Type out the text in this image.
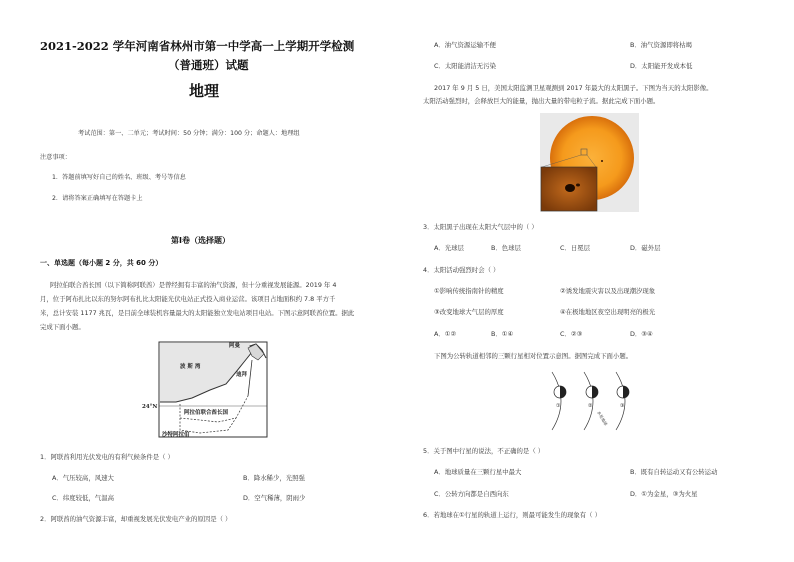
2021-2022 学年河南省林州市第一中学高一上学期开学检测
（普通班）试题
地理
考试范围：第一、二单元；考试时间：50 分钟；满分：100 分；命题人：地理组
注意事项：
1．答题前填写好自己的姓名、班级、考号等信息
2．请将答案正确填写在答题卡上
第Ⅰ卷（选择题）
一、单选题（每小题 2 分，共 60 分）
阿拉伯联合酋长国（以下简称阿联酋）是曾经拥有丰富的油气资源，但十分重视发展能源。2019 年 4
月，位于阿布扎比以东的努尔阿布扎比太阳能光伏电站正式投入商业运营。该项目占地面积约 7.8 平方千
米，总计安装 1177 兆瓦，是目前全球装机容量最大的太阳能独立发电站项目电站。下图示意阿联酋位置。据此
完成下面小题。
波 斯 湾
阿曼
迪拜
阿拉伯联合酋长国
沙特阿拉伯
24°N
1．阿联酋利用光伏发电的有利气候条件是（ ）
A．气压较高，风速大	B．降水稀少，光照强
C．纬度较低，气温高	D．空气稀薄，阴雨少
2．阿联酋的油气资源丰富，却重视发展光伏发电产业的原因是（ ）
A．油气资源运输不便	B．油气资源即将枯竭
C．太阳能清洁无污染	D．太阳能开发成本低
2017 年 9 月 5 日，美国太阳监测卫星观测到 2017 年最大的太阳黑子。下图为当天的太阳影像。
太阳活动强烈时，会释放巨大的能量，抛出大量的带电粒子流。据此完成下面小题。
3．太阳黑子出现在太阳大气层中的（ ）
A．光球层	B．色球层	C．日冕层	D．磁外层
4．太阳活动强烈时会（ ）
①影响传统指南针的精度	②诱发地震灾害以及出现潮汐现象
③改变地球大气层的厚度	④在极地地区夜空出现明亮的极光
A．①②	B．①④	C．②③	D．③④
下图为公转轨道相邻的三颗行星相对位置示意图。据图完成下面小题。
①	②	③
水星地球
5．关于图中行星的说法，不正确的是（ ）
A．地球质量在三颗行星中最大	B．既有自转运动又有公转运动
C．公转方向都是自西向东	D．①为金星，③为火星
6．若地球在①行星的轨道上运行，则最可能发生的现象有（ ）
